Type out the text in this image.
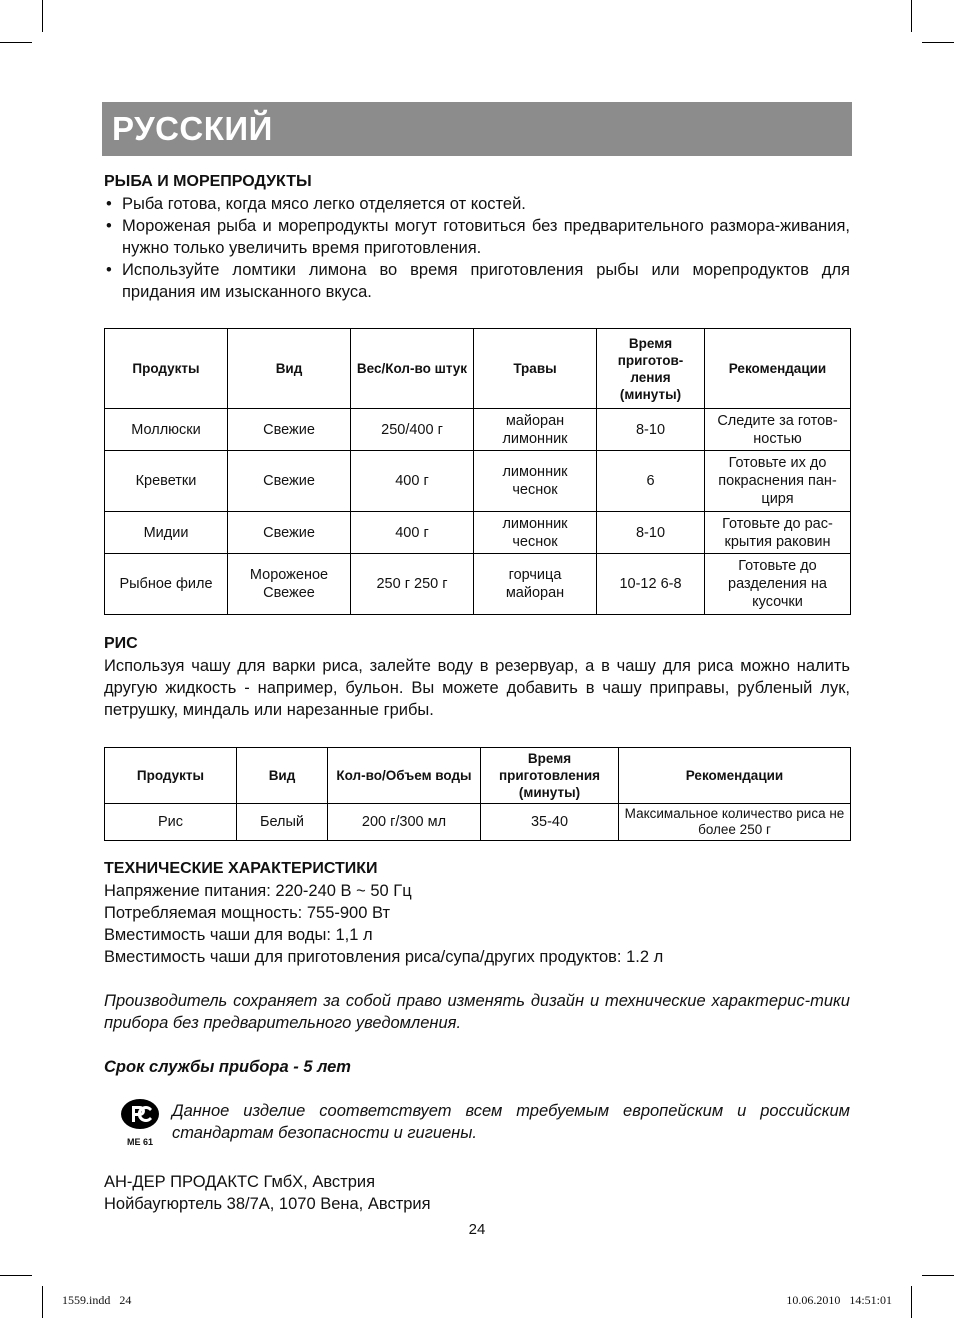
РУССКИЙ
РЫБА И МОРЕПРОДУКТЫ
• Рыба готова, когда мясо легко отделяется от костей.
• Мороженая рыба и морепродукты могут готовиться без предварительного размора-живания, нужно только увеличить время приготовления.
• Используйте ломтики лимона во время приготовления рыбы или морепродуктов для придания им изысканного вкуса.
Продукты	Вид	Вес/Кол-во штук	Травы	Время приготов-ления (минуты)	Рекомендации
Моллюски	Свежие	250/400 г	майоран лимонник	8-10	Следите за готов-ностью
Креветки	Свежие	400 г	лимонник чеснок	6	Готовьте их до покраснения пан-циря
Мидии	Свежие	400 г	лимонник чеснок	8-10	Готовьте до рас-крытия раковин
Рыбное филе	Мороженое Свежее	250 г 250 г	горчица майоран	10-12 6-8	Готовьте до разделения на кусочки
РИС

Используя чашу для варки риса, залейте воду в резервуар, а в чашу для риса можно налить другую жидкость - например, бульон. Вы можете добавить в чашу приправы, рубленый лук, петрушку, миндаль или нарезанные грибы.

Продукты	Вид	Кол-во/Объем воды	Время приготовления (минуты)	Рекомендации
Рис	Белый	200 г/300 мл	35-40	Максимальное количество риса не более 250 г
ТЕХНИЧЕСКИЕ ХАРАКТЕРИСТИКИ

Напряжение питания: 220-240 В ~ 50 Гц

Потребляемая мощность: 755-900 Вт

Вместимость чаши для воды: 1,1 л

Вместимость чаши для приготовления риса/супа/других продуктов: 1.2 л

Производитель сохраняет за собой право изменять дизайн и технические характерис-тики прибора без предварительного уведомления.

Срок службы прибора - 5 лет

МЕ 61

Данное изделие соответствует всем требуемым европейским и российским стандартам безопасности и гигиены.

АН-ДЕР ПРОДАКТС ГмбХ, Австрия

Нойбаугюртель 38/7А, 1070 Вена, Австрия

24
1559.indd   24	10.06.2010   14:51:01
